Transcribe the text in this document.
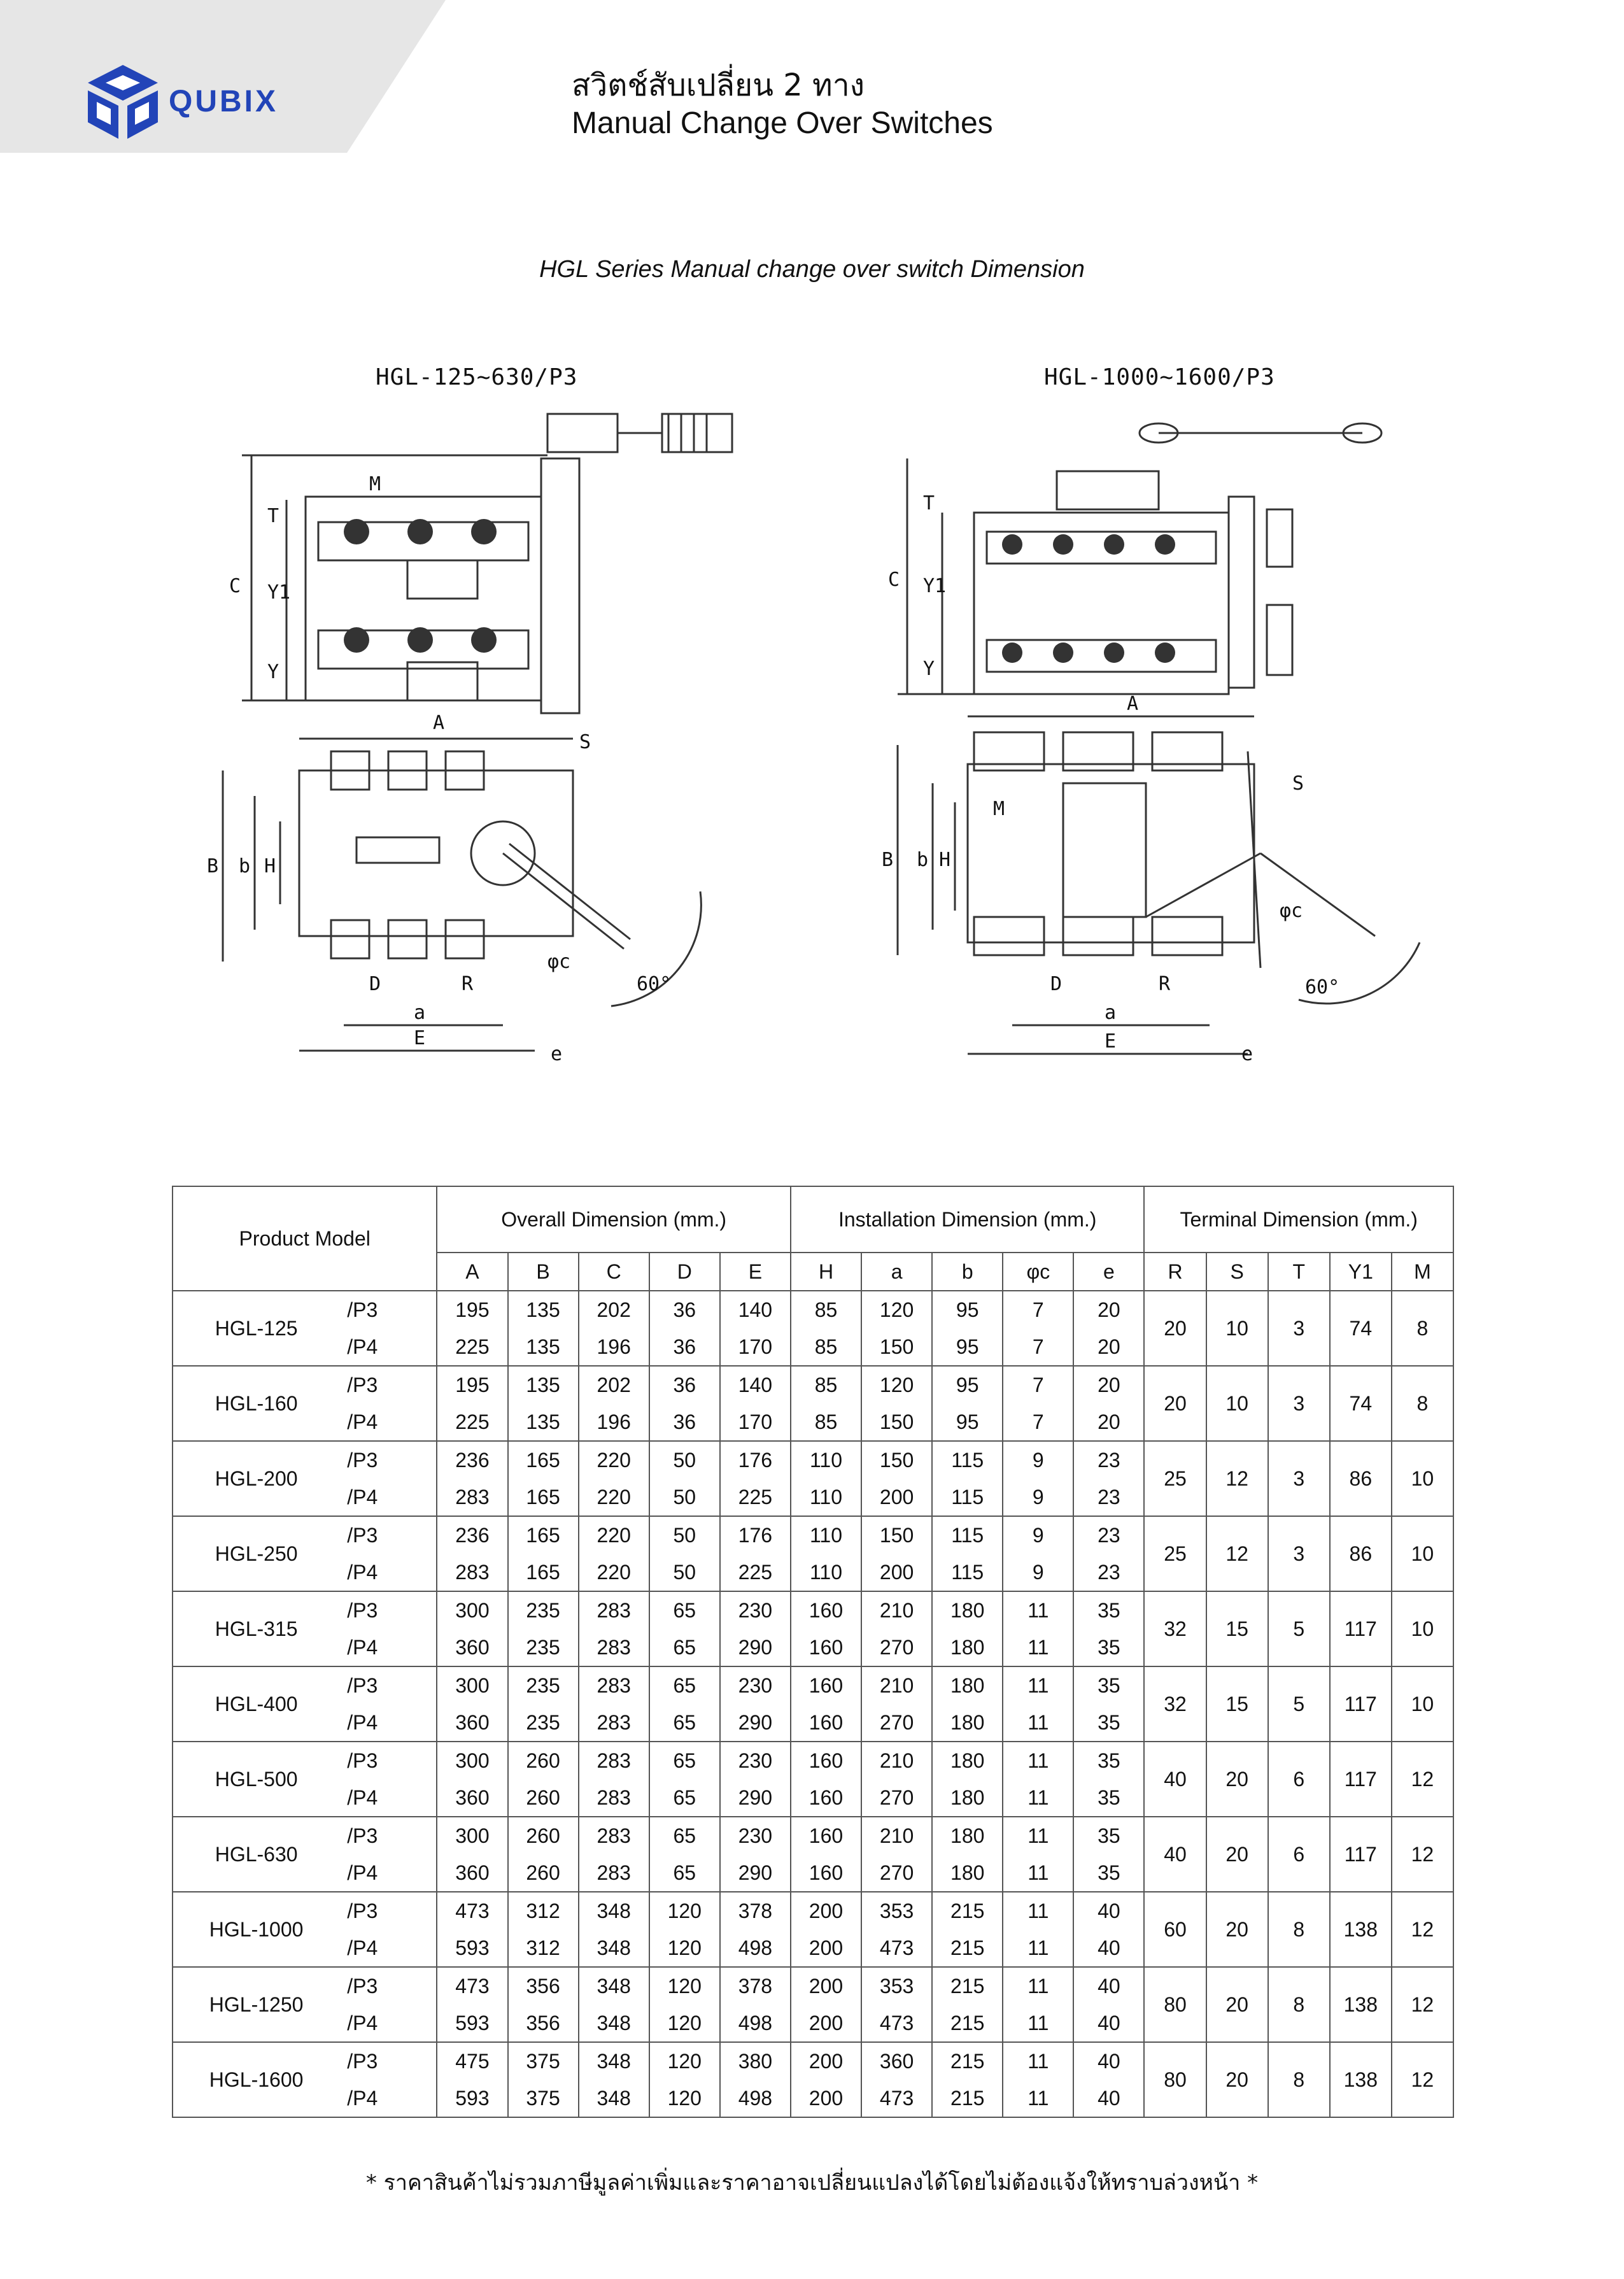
QUBIX	สวิตช์สับเปลี่ยน 2 ทาง
Manual Change Over Switches
HGL Series Manual change over switch Dimension
HGL-125~630/P3	HGL-1000~1600/P3
M
T
C Y1
Y
A
S
B b H
D	R
a
E
e
φc
60°
T
C Y1
Y
A
S
M
B b H
D	R
a
E
e
φc
60°
Product Model		Overall Dimension (mm.)					Installation Dimension (mm.)					Terminal Dimension (mm.)				
		A	B	C	D	E	H	a	b	φc	e	R	S	T	Y1	M
HGL-125	/P3	195	135	202	36	140	85	120	95	7	20	20	10	3	74	8
	/P4	225	135	196	36	170	85	150	95	7	20					
HGL-160	/P3	195	135	202	36	140	85	120	95	7	20	20	10	3	74	8
	/P4	225	135	196	36	170	85	150	95	7	20					
HGL-200	/P3	236	165	220	50	176	110	150	115	9	23	25	12	3	86	10
	/P4	283	165	220	50	225	110	200	115	9	23					
HGL-250	/P3	236	165	220	50	176	110	150	115	9	23	25	12	3	86	10
	/P4	283	165	220	50	225	110	200	115	9	23					
HGL-315	/P3	300	235	283	65	230	160	210	180	11	35	32	15	5	117	10
	/P4	360	235	283	65	290	160	270	180	11	35					
HGL-400	/P3	300	235	283	65	230	160	210	180	11	35	32	15	5	117	10
	/P4	360	235	283	65	290	160	270	180	11	35					
HGL-500	/P3	300	260	283	65	230	160	210	180	11	35	40	20	6	117	12
	/P4	360	260	283	65	290	160	270	180	11	35					
HGL-630	/P3	300	260	283	65	230	160	210	180	11	35	40	20	6	117	12
	/P4	360	260	283	65	290	160	270	180	11	35					
HGL-1000	/P3	473	312	348	120	378	200	353	215	11	40	60	20	8	138	12
	/P4	593	312	348	120	498	200	473	215	11	40					
HGL-1250	/P3	473	356	348	120	378	200	353	215	11	40	80	20	8	138	12
	/P4	593	356	348	120	498	200	473	215	11	40					
HGL-1600	/P3	475	375	348	120	380	200	360	215	11	40	80	20	8	138	12
	/P4	593	375	348	120	498	200	473	215	11	40					
* ราคาสินค้าไม่รวมภาษีมูลค่าเพิ่มและราคาอาจเปลี่ยนแปลงได้โดยไม่ต้องแจ้งให้ทราบล่วงหน้า *
